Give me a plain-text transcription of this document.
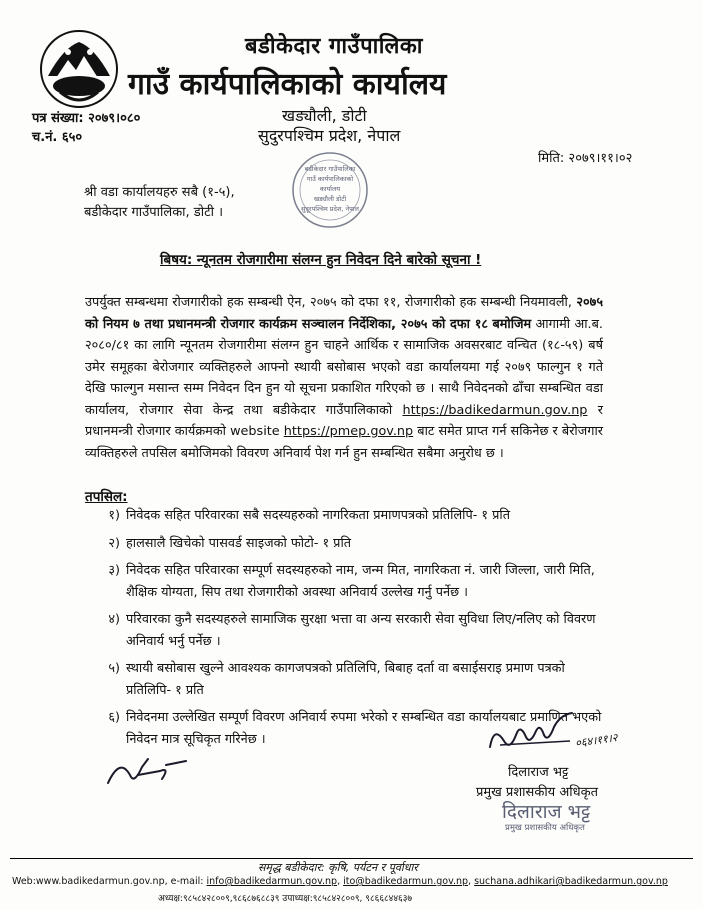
बडीकेदार गाउँपालिका
गाउँ कार्यपालिकाको कार्यालय
पत्र संख्या: २०७९।०८०
च.नं. ६५०
खड्यौली, डोटी
सुदुरपश्चिम प्रदेश, नेपाल
मिति: २०७९।११।०२
बडीकेदार गाउँपालिका
गाउँ कार्यपालिकाको कार्यालय
खड्यौली डोटी
सुदूरपश्चिम प्रदेश, नेपाल
श्री वडा कार्यालयहरु सबै (१-५),
बडीकेदार गाउँपालिका, डोटी ।
बिषय: न्यूनतम रोजगारीमा संलग्न हुन निवेदन दिने बारेको सूचना !
उपर्युक्त सम्बन्धमा रोजगारीको हक सम्बन्धी ऐन, २०७५ को दफा ११, रोजगारीको हक सम्बन्धी नियमावली, २०७५ को नियम ७ तथा प्रधानमन्त्री रोजगार कार्यक्रम सञ्चालन निर्देशिका, २०७५ को दफा १८ बमोजिम आगामी आ.ब. २०८०/८१ का लागि न्यूनतम रोजगारीमा संलग्न हुन चाहने आर्थिक र सामाजिक अवसरबाट वन्चित (१८-५९) बर्ष उमेर समूहका बेरोजगार व्यक्तिहरुले आफ्नो स्थायी बसोबास भएको वडा कार्यालयमा गई २०७९ फाल्गुन १ गते देखि फाल्गुन मसान्त सम्म निवेदन दिन हुन यो सूचना प्रकाशित गरिएको छ । साथै निवेदनको ढाँचा सम्बन्धित वडा कार्यालय, रोजगार सेवा केन्द्र तथा बडीकेदार गाउँपालिकाको https://badikedarmun.gov.np र प्रधानमन्त्री रोजगार कार्यक्रमको website https://pmep.gov.np बाट समेत प्राप्त गर्न सकिनेछ र बेरोजगार व्यक्तिहरुले तपसिल बमोजिमको विवरण अनिवार्य पेश गर्न हुन सम्बन्धित सबैमा अनुरोध छ ।
तपसिल:
१) निवेदक सहित परिवारका सबै सदस्यहरुको नागरिकता प्रमाणपत्रको प्रतिलिपि- १ प्रति
२) हालसालै खिचेको पासवर्ड साइजको फोटो- १ प्रति
३) निवेदक सहित परिवारका सम्पूर्ण सदस्यहरुको नाम, जन्म मित, नागरिकता नं. जारी जिल्ला, जारी मिति, शैक्षिक योग्यता, सिप तथा रोजगारीको अवस्था अनिवार्य उल्लेख गर्नु पर्नेछ ।
४) परिवारका कुनै सदस्यहरुले सामाजिक सुरक्षा भत्ता वा अन्य सरकारी सेवा सुविधा लिए/नलिए को विवरण अनिवार्य भर्नु पर्नेछ ।
५) स्थायी बसोबास खुल्ने आवश्यक कागजपत्रको प्रतिलिपि, बिबाह दर्ता वा बसाईसराइ प्रमाण पत्रको प्रतिलिपि- १ प्रति
६) निवेदनमा उल्लेखित सम्पूर्ण विवरण अनिवार्य रुपमा भरेको र सम्बन्धित वडा कार्यालयबाट प्रमाणित भएको निवेदन मात्र सूचिकृत गरिनेछ ।	०६४।११।२
दिलाराज भट्ट
प्रमुख प्रशासकीय अधिकृत
दिलाराज भट्ट
प्रमुख प्रशासकीय अधिकृत
समृद्ध बडीकेदार: कृषि, पर्यटन र पूर्वाधार
Web:www.badikedarmun.gov.np, e-mail: info@badikedarmun.gov.np, ito@badikedarmun.gov.np, suchana.adhikari@badikedarmun.gov.np
अध्यक्ष:९८५८४२८००९,९८६८७६८८३९ उपाध्यक्ष:९८५८४२८००९, ९८६६८४४६३७
